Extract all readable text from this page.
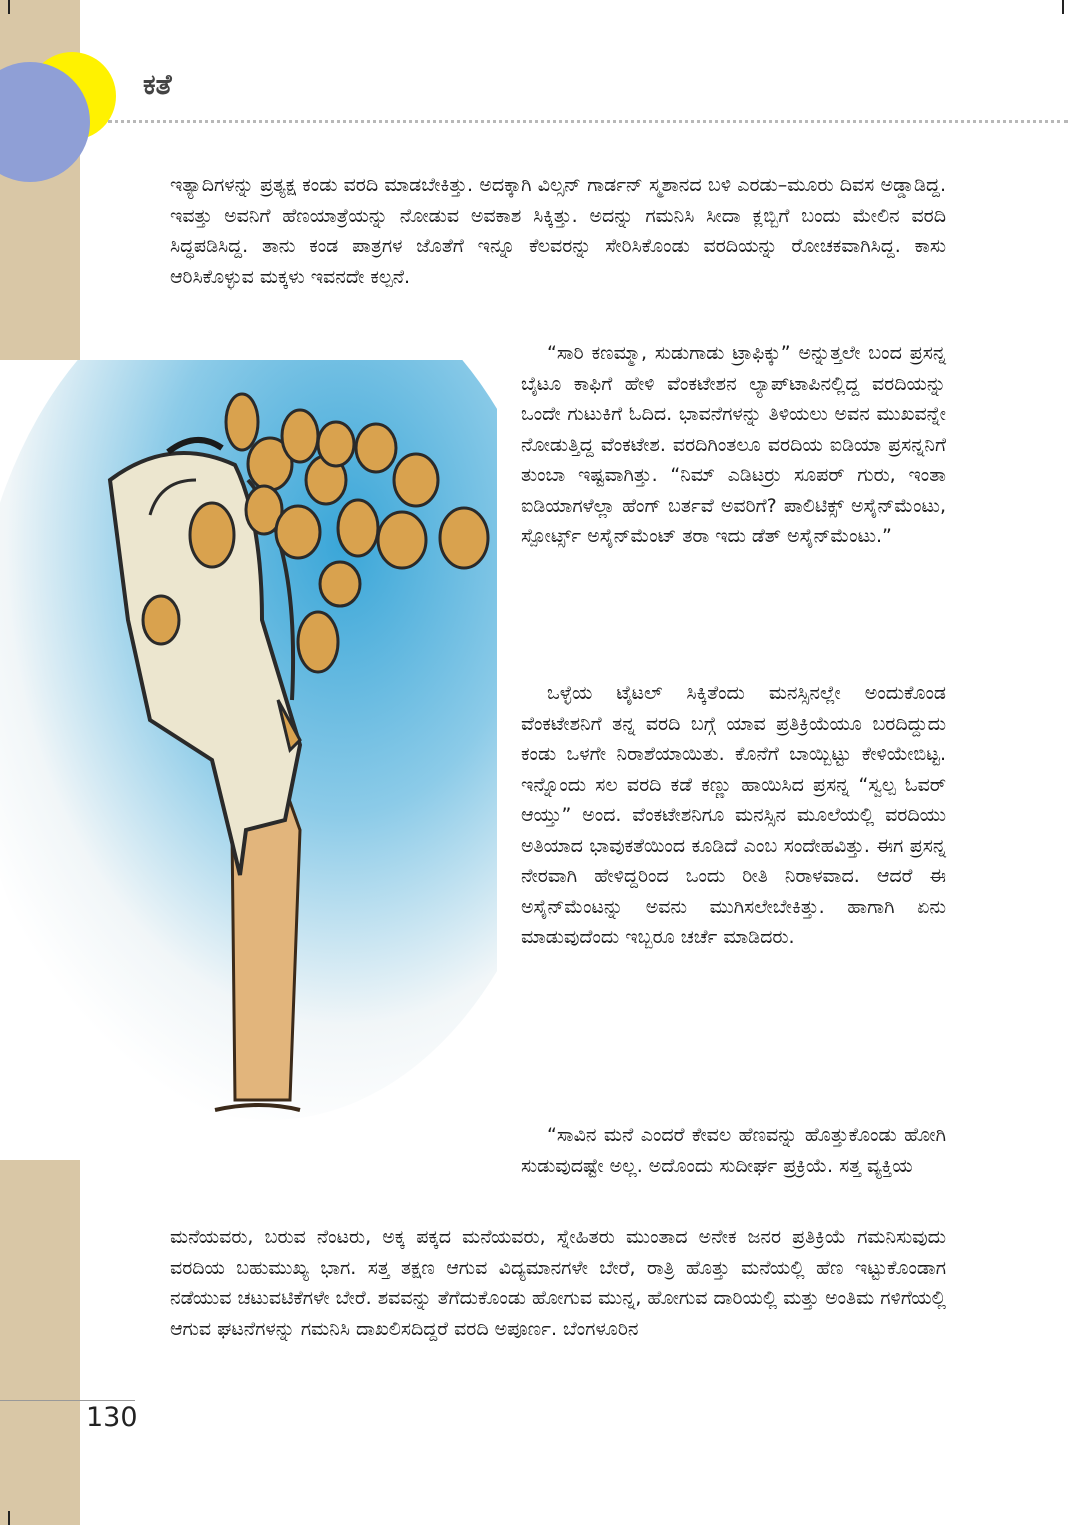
ಕತೆ

ಇತ್ಯಾದಿಗಳನ್ನು ಪ್ರತ್ಯಕ್ಷ ಕಂಡು ವರದಿ ಮಾಡಬೇಕಿತ್ತು. ಅದಕ್ಕಾಗಿ ವಿಲ್ಸನ್ ಗಾರ್ಡನ್ ಸ್ಮಶಾನದ ಬಳಿ ಎರಡು–ಮೂರು ದಿವಸ ಅಡ್ಡಾಡಿದ್ದ. ಇವತ್ತು ಅವನಿಗೆ ಹೆಣಯಾತ್ರೆಯನ್ನು ನೋಡುವ ಅವಕಾಶ ಸಿಕ್ಕಿತ್ತು. ಅದನ್ನು ಗಮನಿಸಿ ಸೀದಾ ಕ್ಲಬ್ಬಿಗೆ ಬಂದು ಮೇಲಿನ ವರದಿ ಸಿದ್ಧಪಡಿಸಿದ್ದ. ತಾನು ಕಂಡ ಪಾತ್ರಗಳ ಜೊತೆಗೆ ಇನ್ನೂ ಕೆಲವರನ್ನು ಸೇರಿಸಿಕೊಂಡು ವರದಿಯನ್ನು ರೋಚಕವಾಗಿಸಿದ್ದ. ಕಾಸು ಆರಿಸಿಕೊಳ್ಳುವ ಮಕ್ಕಳು ಇವನದೇ ಕಲ್ಪನೆ.

“ಸಾರಿ ಕಣಮ್ಮಾ, ಸುಡುಗಾಡು ಟ್ರಾಫಿಕ್ಕು” ಅನ್ನುತ್ತಲೇ ಬಂದ ಪ್ರಸನ್ನ ಬೈಟೂ ಕಾಫಿಗೆ ಹೇಳಿ ವೆಂಕಟೇಶನ ಲ್ಯಾಪ್‌ಟಾಪಿನಲ್ಲಿದ್ದ ವರದಿಯನ್ನು ಒಂದೇ ಗುಟುಕಿಗೆ ಓದಿದ. ಭಾವನೆಗಳನ್ನು ತಿಳಿಯಲು ಅವನ ಮುಖವನ್ನೇ ನೋಡುತ್ತಿದ್ದ ವೆಂಕಟೇಶ. ವರದಿಗಿಂತಲೂ ವರದಿಯ ಐಡಿಯಾ ಪ್ರಸನ್ನನಿಗೆ ತುಂಬಾ ಇಷ್ಟವಾಗಿತ್ತು. “ನಿಮ್ ಎಡಿಟರ‍್ರು ಸೂಪರ್ ಗುರು, ಇಂತಾ ಐಡಿಯಾಗಳೆಲ್ಲಾ ಹೆಂಗ್ ಬರ್ತವೆ ಅವರಿಗೆ? ಪಾಲಿಟಿಕ್ಸ್ ಅಸೈನ್‌ಮೆಂಟು, ಸ್ಪೋರ್ಟ್ಸ್ ಅಸೈನ್‌ಮೆಂಟ್ ತರಾ ಇದು ಡೆತ್ ಅಸೈನ್‌ಮೆಂಟು.”

ಒಳ್ಳೆಯ ಟೈಟಲ್ ಸಿಕ್ಕಿತೆಂದು ಮನಸ್ಸಿನಲ್ಲೇ ಅಂದುಕೊಂಡ ವೆಂಕಟೇಶನಿಗೆ ತನ್ನ ವರದಿ ಬಗ್ಗೆ ಯಾವ ಪ್ರತಿಕ್ರಿಯೆಯೂ ಬರದಿದ್ದುದು ಕಂಡು ಒಳಗೇ ನಿರಾಶೆಯಾಯಿತು. ಕೊನೆಗೆ ಬಾಯ್ಬಿಟ್ಟು ಕೇಳಿಯೇಬಿಟ್ಟ. ಇನ್ನೊಂದು ಸಲ ವರದಿ ಕಡೆ ಕಣ್ಣು ಹಾಯಿಸಿದ ಪ್ರಸನ್ನ “ಸ್ವಲ್ಪ ಓವರ್ ಆಯ್ತು” ಅಂದ. ವೆಂಕಟೇಶನಿಗೂ ಮನಸ್ಸಿನ ಮೂಲೆಯಲ್ಲಿ ವರದಿಯು ಅತಿಯಾದ ಭಾವುಕತೆಯಿಂದ ಕೂಡಿದೆ ಎಂಬ ಸಂದೇಹವಿತ್ತು. ಈಗ ಪ್ರಸನ್ನ ನೇರವಾಗಿ ಹೇಳಿದ್ದರಿಂದ ಒಂದು ರೀತಿ ನಿರಾಳವಾದ. ಆದರೆ ಈ ಅಸೈನ್‌ಮೆಂಟನ್ನು ಅವನು ಮುಗಿಸಲೇಬೇಕಿತ್ತು. ಹಾಗಾಗಿ ಏನು ಮಾಡುವುದೆಂದು ಇಬ್ಬರೂ ಚರ್ಚೆ ಮಾಡಿದರು.

“ಸಾವಿನ ಮನೆ ಎಂದರೆ ಕೇವಲ ಹೆಣವನ್ನು ಹೊತ್ತುಕೊಂಡು ಹೋಗಿ ಸುಡುವುದಷ್ಟೇ ಅಲ್ಲ. ಅದೊಂದು ಸುದೀರ್ಘ ಪ್ರಕ್ರಿಯೆ. ಸತ್ತ ವ್ಯಕ್ತಿಯ

ಮನೆಯವರು, ಬರುವ ನೆಂಟರು, ಅಕ್ಕ ಪಕ್ಕದ ಮನೆಯವರು, ಸ್ನೇಹಿತರು ಮುಂತಾದ ಅನೇಕ ಜನರ ಪ್ರತಿಕ್ರಿಯೆ ಗಮನಿಸುವುದು ವರದಿಯ ಬಹುಮುಖ್ಯ ಭಾಗ. ಸತ್ತ ತಕ್ಷಣ ಆಗುವ ವಿದ್ಯಮಾನಗಳೇ ಬೇರೆ, ರಾತ್ರಿ ಹೊತ್ತು ಮನೆಯಲ್ಲಿ ಹೆಣ ಇಟ್ಟುಕೊಂಡಾಗ ನಡೆಯುವ ಚಟುವಟಿಕೆಗಳೇ ಬೇರೆ. ಶವವನ್ನು ತೆಗೆದುಕೊಂಡು ಹೋಗುವ ಮುನ್ನ, ಹೋಗುವ ದಾರಿಯಲ್ಲಿ ಮತ್ತು ಅಂತಿಮ ಗಳಿಗೆಯಲ್ಲಿ ಆಗುವ ಘಟನೆಗಳನ್ನು ಗಮನಿಸಿ ದಾಖಲಿಸದಿದ್ದರೆ ವರದಿ ಅಪೂರ್ಣ. ಬೆಂಗಳೂರಿನ

130
